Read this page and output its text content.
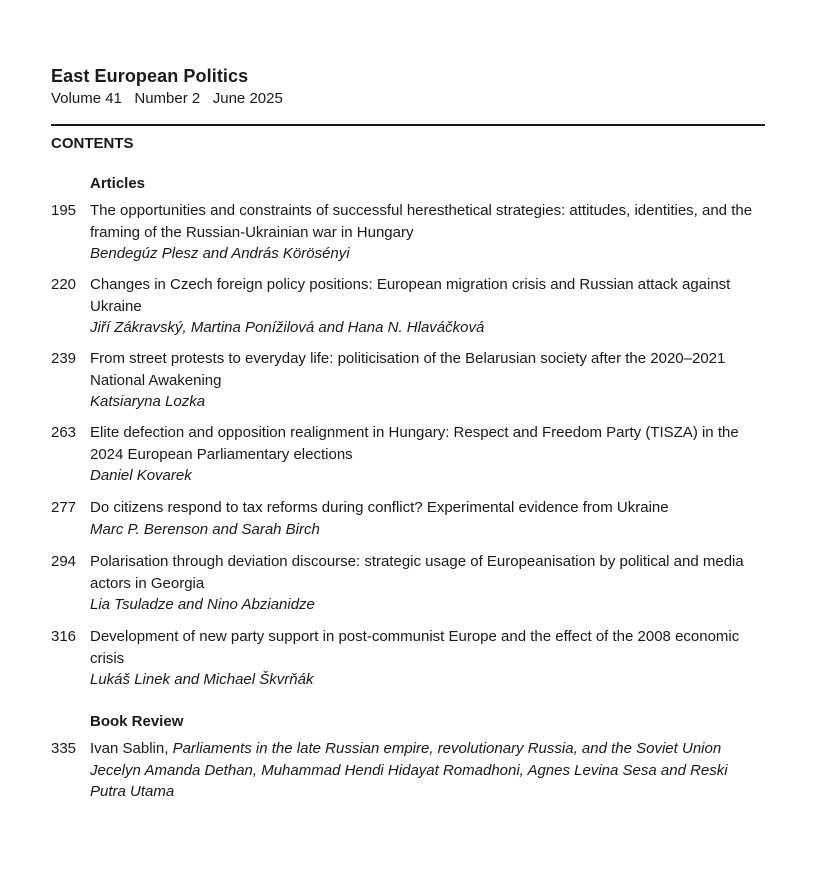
East European Politics
Volume 41   Number 2   June 2025
CONTENTS
Articles
195 The opportunities and constraints of successful heresthetical strategies: attitudes, identities, and the framing of the Russian-Ukrainian war in Hungary
Bendegúz Plesz and András Körösényi
220 Changes in Czech foreign policy positions: European migration crisis and Russian attack against Ukraine
Jiří Zákravský, Martina Ponížilová and Hana N. Hlaváčková
239 From street protests to everyday life: politicisation of the Belarusian society after the 2020–2021 National Awakening
Katsiaryna Lozka
263 Elite defection and opposition realignment in Hungary: Respect and Freedom Party (TISZA) in the 2024 European Parliamentary elections
Daniel Kovarek
277 Do citizens respond to tax reforms during conflict? Experimental evidence from Ukraine
Marc P. Berenson and Sarah Birch
294 Polarisation through deviation discourse: strategic usage of Europeanisation by political and media actors in Georgia
Lia Tsuladze and Nino Abzianidze
316 Development of new party support in post-communist Europe and the effect of the 2008 economic crisis
Lukáš Linek and Michael Škvrňák
Book Review
335 Ivan Sablin, Parliaments in the late Russian empire, revolutionary Russia, and the Soviet Union
Jecelyn Amanda Dethan, Muhammad Hendi Hidayat Romadhoni, Agnes Levina Sesa and Reski Putra Utama
